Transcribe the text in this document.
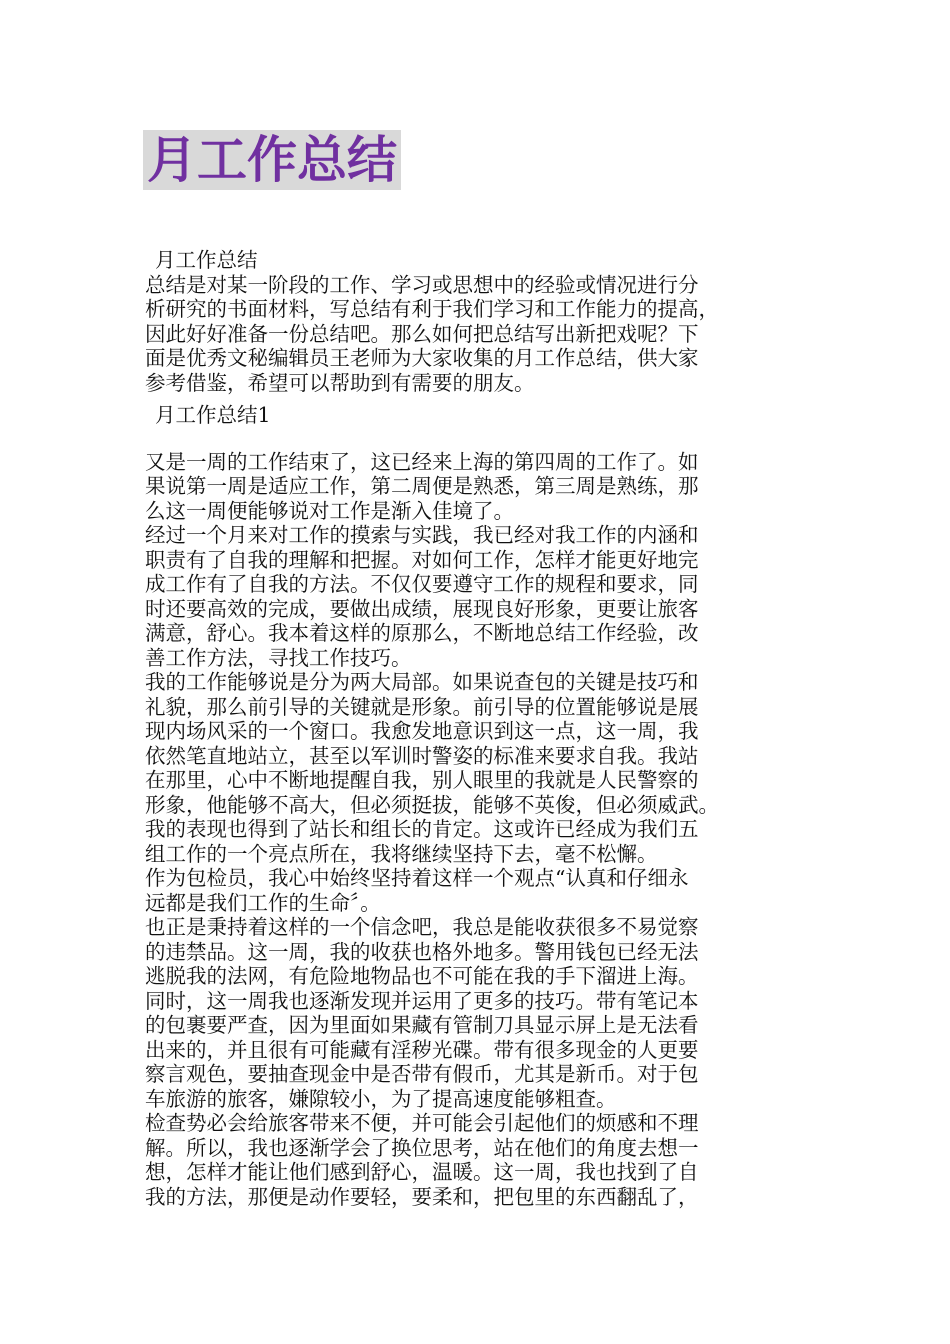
月工作总结
月工作总结
总结是对某一阶段的工作、学习或思想中的经验或情况进行分
析研究的书面材料，写总结有利于我们学习和工作能力的提高，
因此好好准备一份总结吧。那么如何把总结写出新把戏呢？下
面是优秀文秘编辑员王老师为大家收集的月工作总结，供大家
参考借鉴，希望可以帮助到有需要的朋友。
月工作总结1
又是一周的工作结束了，这已经来上海的第四周的工作了。如
果说第一周是适应工作，第二周便是熟悉，第三周是熟练，那
么这一周便能够说对工作是渐入佳境了。
经过一个月来对工作的摸索与实践，我已经对我工作的内涵和
职责有了自我的理解和把握。对如何工作，怎样才能更好地完
成工作有了自我的方法。不仅仅要遵守工作的规程和要求，同
时还要高效的完成，要做出成绩，展现良好形象，更要让旅客
满意，舒心。我本着这样的原那么，不断地总结工作经验，改
善工作方法，寻找工作技巧。
我的工作能够说是分为两大局部。如果说查包的关键是技巧和
礼貌，那么前引导的关键就是形象。前引导的位置能够说是展
现内场风采的一个窗口。我愈发地意识到这一点，这一周，我
依然笔直地站立，甚至以军训时警姿的标准来要求自我。我站
在那里，心中不断地提醒自我，别人眼里的我就是人民警察的
形象，他能够不高大，但必须挺拔，能够不英俊，但必须威武。
我的表现也得到了站长和组长的肯定。这或许已经成为我们五
组工作的一个亮点所在，我将继续坚持下去，毫不松懈。
作为包检员，我心中始终坚持着这样一个观点“认真和仔细永
远都是我们工作的生命〞。
也正是秉持着这样的一个信念吧，我总是能收获很多不易觉察
的违禁品。这一周，我的收获也格外地多。警用钱包已经无法
逃脱我的法网，有危险地物品也不可能在我的手下溜进上海。
同时，这一周我也逐渐发现并运用了更多的技巧。带有笔记本
的包裹要严查，因为里面如果藏有管制刀具显示屏上是无法看
出来的，并且很有可能藏有淫秽光碟。带有很多现金的人更要
察言观色，要抽查现金中是否带有假币，尤其是新币。对于包
车旅游的旅客，嫌隙较小，为了提高速度能够粗查。
检查势必会给旅客带来不便，并可能会引起他们的烦感和不理
解。所以，我也逐渐学会了换位思考，站在他们的角度去想一
想，怎样才能让他们感到舒心，温暖。这一周，我也找到了自
我的方法，那便是动作要轻，要柔和，把包里的东西翻乱了，
